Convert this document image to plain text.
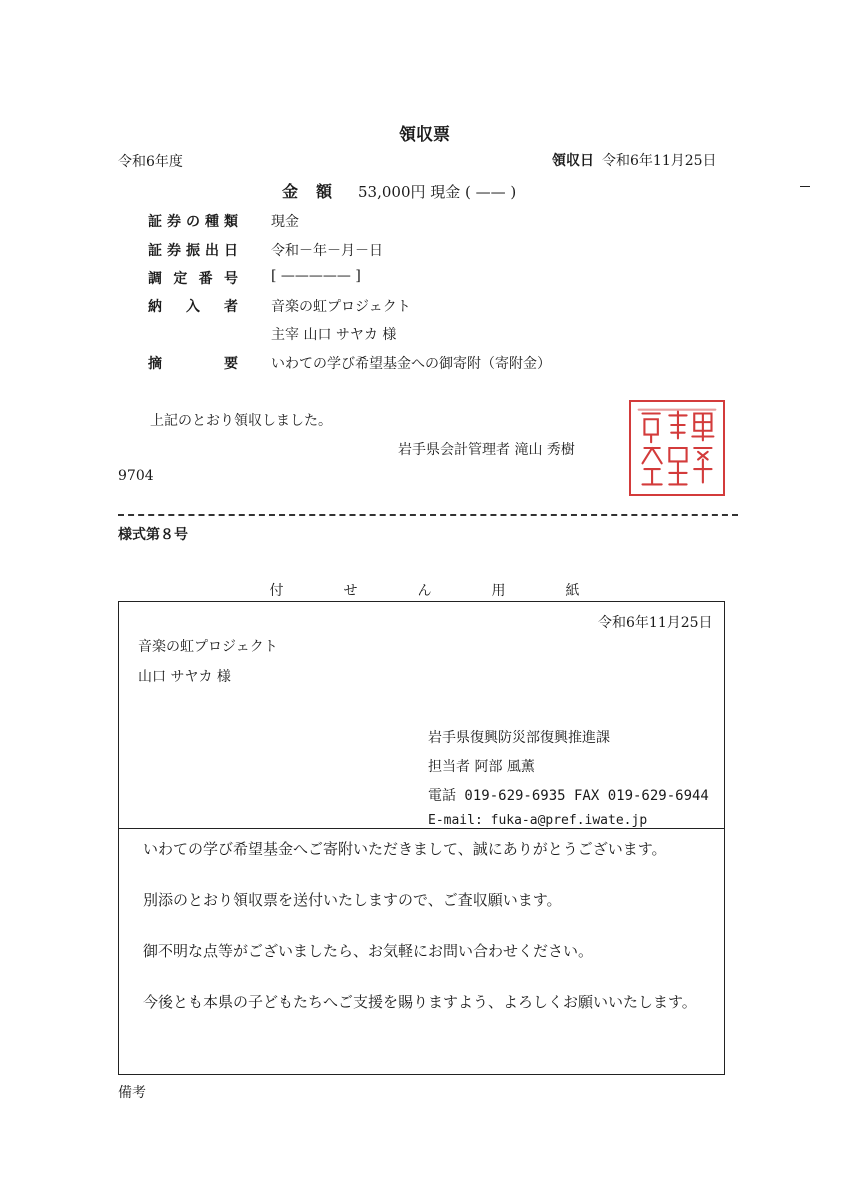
領収票
令和6年度	領収日 令和6年11月25日
金額 53,000円 現金 ( —— )
証券の種類 現金
証券振出日 令和－年－月－日
調定番号 [ ————— ]
納入者 音楽の虹プロジェクト
主宰 山口 サヤカ 様
摘要 いわての学び希望基金への御寄附（寄附金）
上記のとおり領収しました。
岩手県会計管理者 滝山 秀樹
9704
様式第８号
付せん用紙
令和6年11月25日
音楽の虹プロジェクト
山口 サヤカ 様
岩手県復興防災部復興推進課
担当者 阿部 風薫
電話 019-629-6935 FAX 019-629-6944
E-mail: fuka-a@pref.iwate.jp

いわての学び希望基金へご寄附いただきまして、誠にありがとうございます。

別添のとおり領収票を送付いたしますので、ご査収願います。

御不明な点等がございましたら、お気軽にお問い合わせください。

今後とも本県の子どもたちへご支援を賜りますよう、よろしくお願いいたします。

備考
